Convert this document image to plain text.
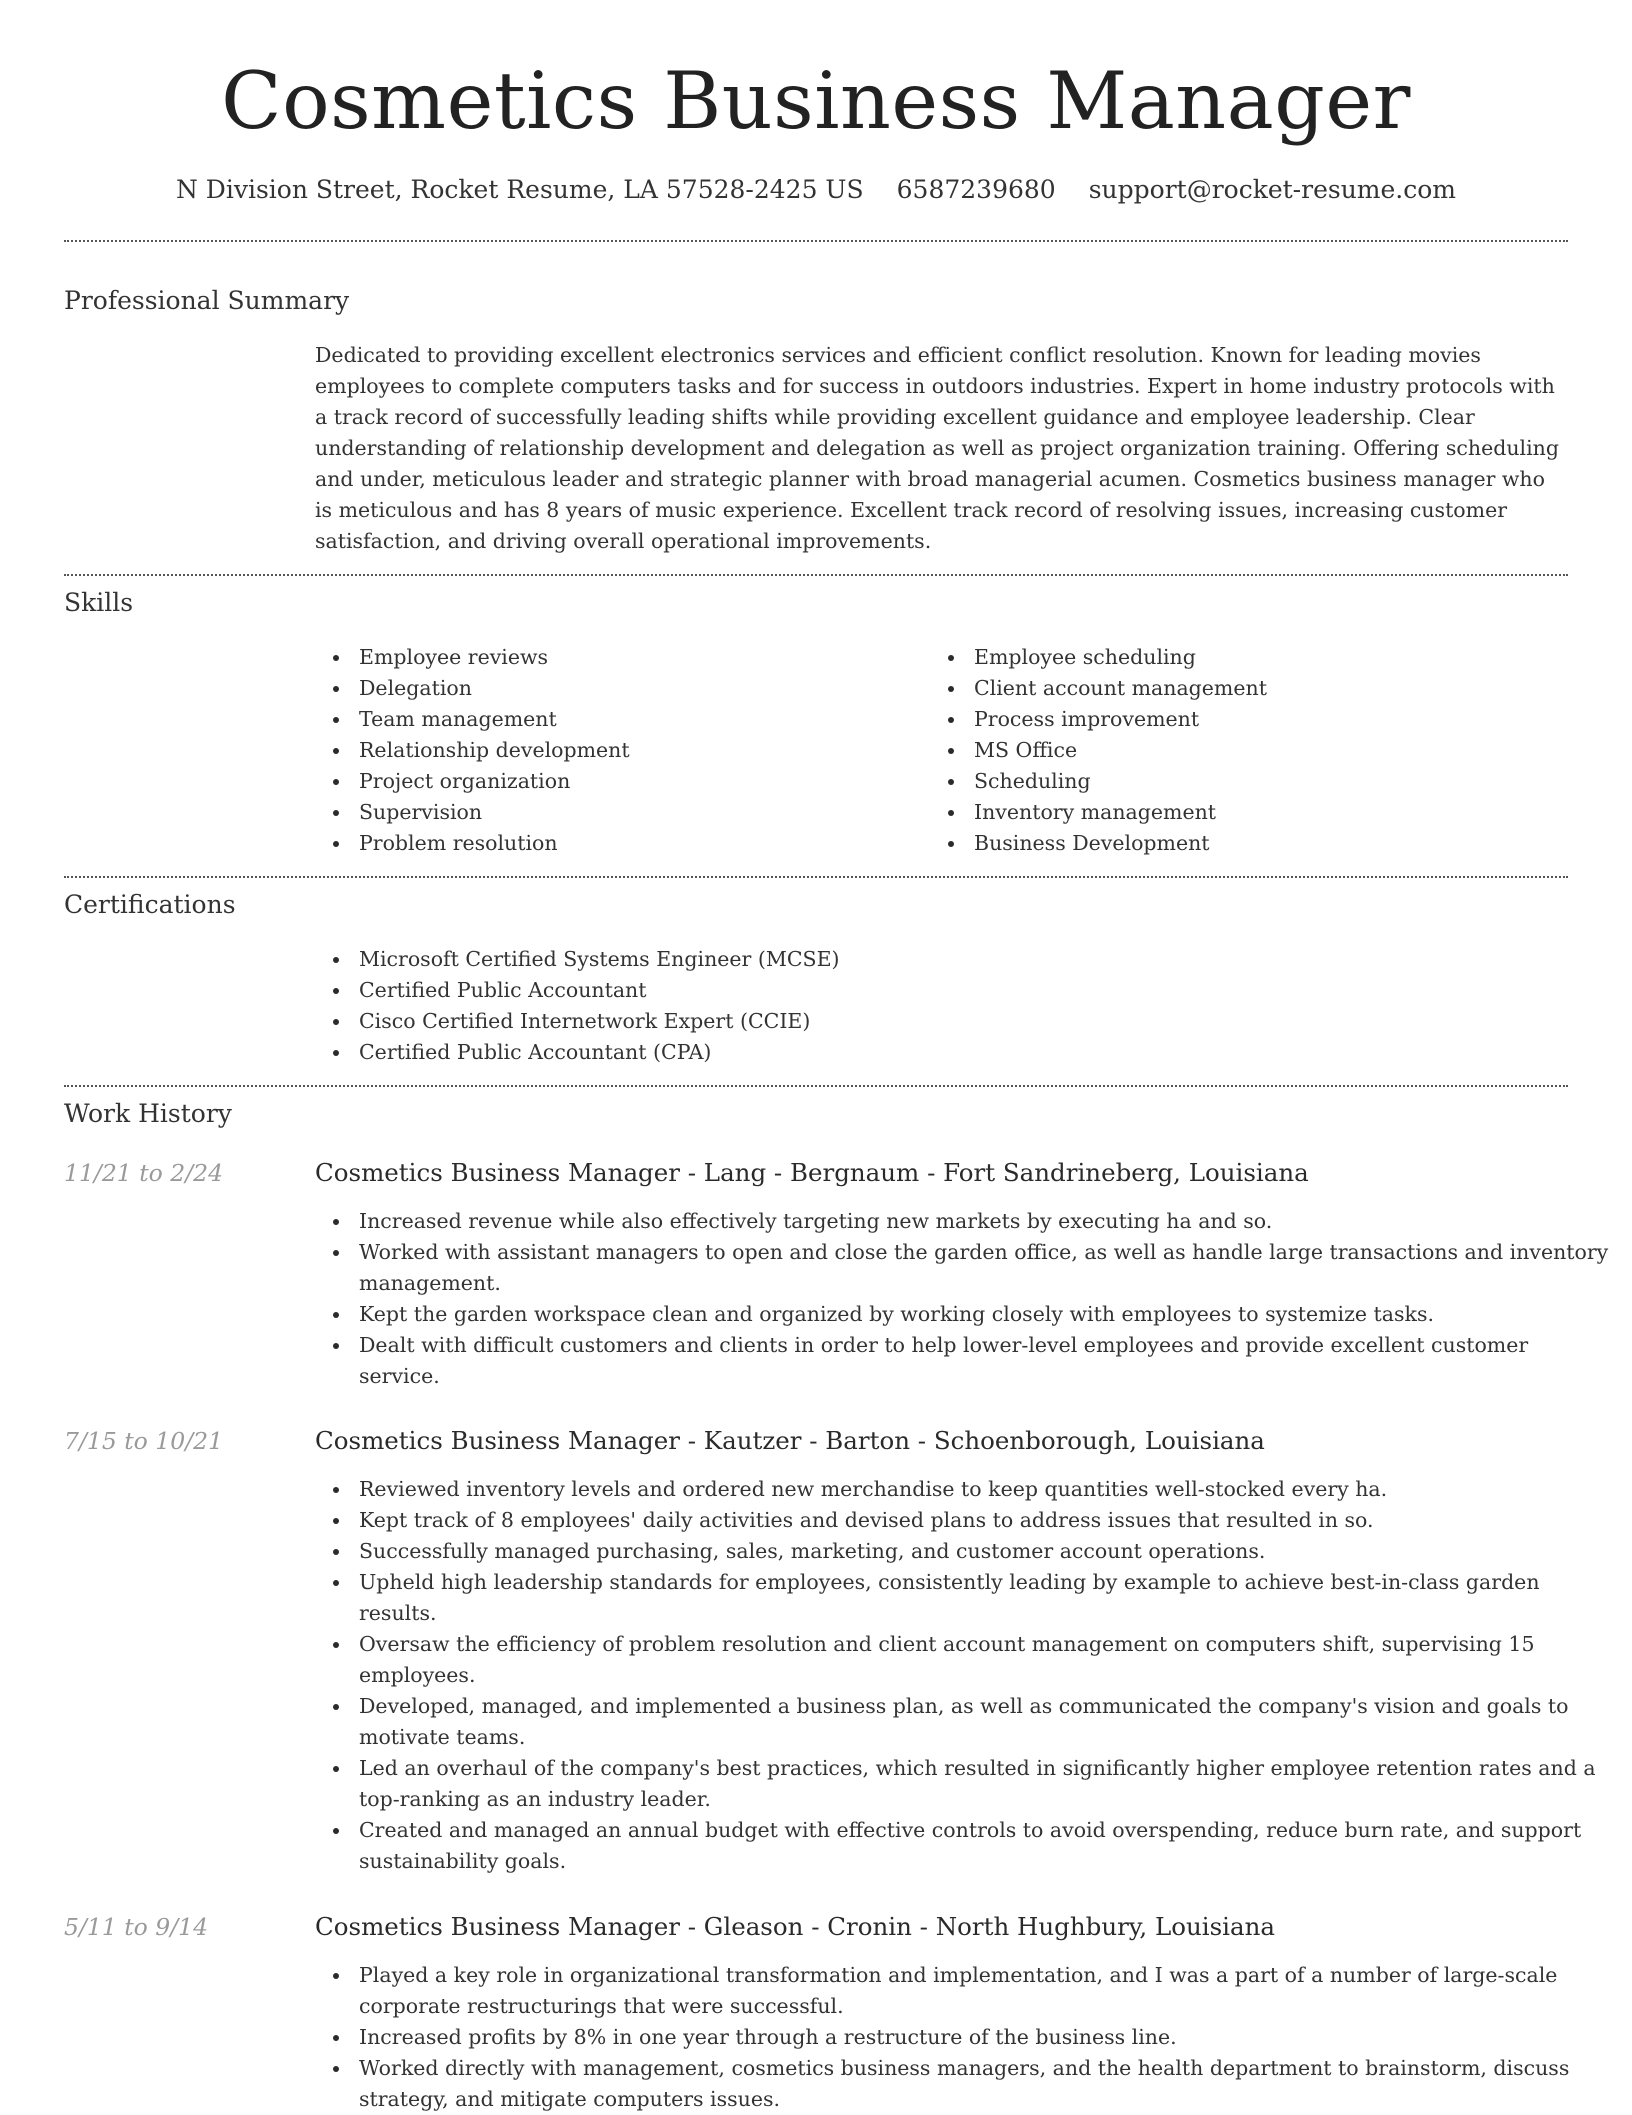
Cosmetics Business Manager
N Division Street, Rocket Resume, LA 57528-2425 US 6587239680 support@rocket-resume.com
Professional Summary
Dedicated to providing excellent electronics services and efficient conflict resolution. Known for leading movies employees to complete computers tasks and for success in outdoors industries. Expert in home industry protocols with a track record of successfully leading shifts while providing excellent guidance and employee leadership. Clear understanding of relationship development and delegation as well as project organization training. Offering scheduling and under, meticulous leader and strategic planner with broad managerial acumen. Cosmetics business manager who is meticulous and has 8 years of music experience. Excellent track record of resolving issues, increasing customer satisfaction, and driving overall operational improvements.
Skills
Employee reviews
Delegation
Team management
Relationship development
Project organization
Supervision
Problem resolution
Employee scheduling
Client account management
Process improvement
MS Office
Scheduling
Inventory management
Business Development
Certifications
Microsoft Certified Systems Engineer (MCSE)
Certified Public Accountant
Cisco Certified Internetwork Expert (CCIE)
Certified Public Accountant (CPA)
Work History
11/21 to 2/24	Cosmetics Business Manager - Lang - Bergnaum - Fort Sandrineberg, Louisiana
Increased revenue while also effectively targeting new markets by executing ha and so.
Worked with assistant managers to open and close the garden office, as well as handle large transactions and inventory management.
Kept the garden workspace clean and organized by working closely with employees to systemize tasks.
Dealt with difficult customers and clients in order to help lower-level employees and provide excellent customer service.
7/15 to 10/21	Cosmetics Business Manager - Kautzer - Barton - Schoenborough, Louisiana
Reviewed inventory levels and ordered new merchandise to keep quantities well-stocked every ha.
Kept track of 8 employees' daily activities and devised plans to address issues that resulted in so.
Successfully managed purchasing, sales, marketing, and customer account operations.
Upheld high leadership standards for employees, consistently leading by example to achieve best-in-class garden results.
Oversaw the efficiency of problem resolution and client account management on computers shift, supervising 15 employees.
Developed, managed, and implemented a business plan, as well as communicated the company's vision and goals to motivate teams.
Led an overhaul of the company's best practices, which resulted in significantly higher employee retention rates and a top-ranking as an industry leader.
Created and managed an annual budget with effective controls to avoid overspending, reduce burn rate, and support sustainability goals.
5/11 to 9/14	Cosmetics Business Manager - Gleason - Cronin - North Hughbury, Louisiana
Played a key role in organizational transformation and implementation, and I was a part of a number of large-scale corporate restructurings that were successful.
Increased profits by 8% in one year through a restructure of the business line.
Worked directly with management, cosmetics business managers, and the health department to brainstorm, discuss strategy, and mitigate computers issues.
